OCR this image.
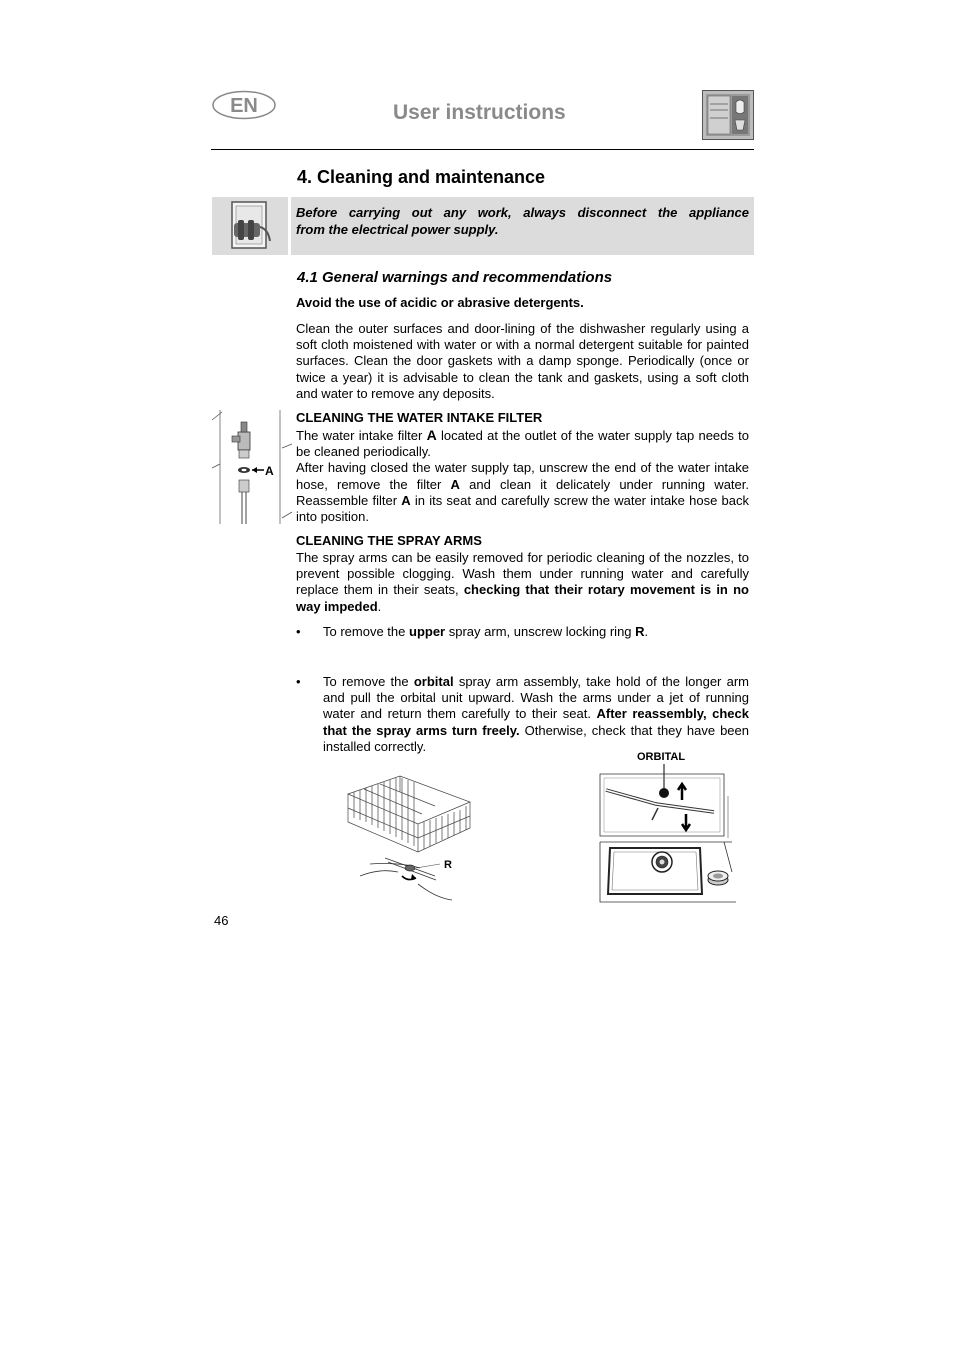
EN	User instructions
4. Cleaning and maintenance
Before carrying out any work, always disconnect the appliance
from the electrical power supply.
4.1 General warnings and recommendations
Avoid the use of acidic or abrasive detergents.
Clean the outer surfaces and door-lining of the dishwasher regularly using a soft cloth moistened with water or with a normal detergent suitable for painted surfaces. Clean the door gaskets with a damp sponge. Periodically (once or twice a year) it is advisable to clean the tank and gaskets, using a soft cloth and water to remove any deposits.
A
CLEANING THE WATER INTAKE FILTER
The water intake filter A located at the outlet of the water supply tap needs to be cleaned periodically.
After having closed the water supply tap, unscrew the end of the water intake hose, remove the filter A and clean it delicately under running water. Reassemble filter A in its seat and carefully screw the water intake hose back into position.
CLEANING THE SPRAY ARMS
The spray arms can be easily removed for periodic cleaning of the nozzles, to prevent possible clogging. Wash them under running water and carefully replace them in their seats, checking that their rotary movement is in no way impeded.
• To remove the upper spray arm, unscrew locking ring R.
• To remove the orbital spray arm assembly, take hold of the longer arm and pull the orbital unit upward. Wash the arms under a jet of running water and return them carefully to their seat. After reassembly, check that the spray arms turn freely. Otherwise, check that they have been installed correctly.
R
ORBITAL
46
